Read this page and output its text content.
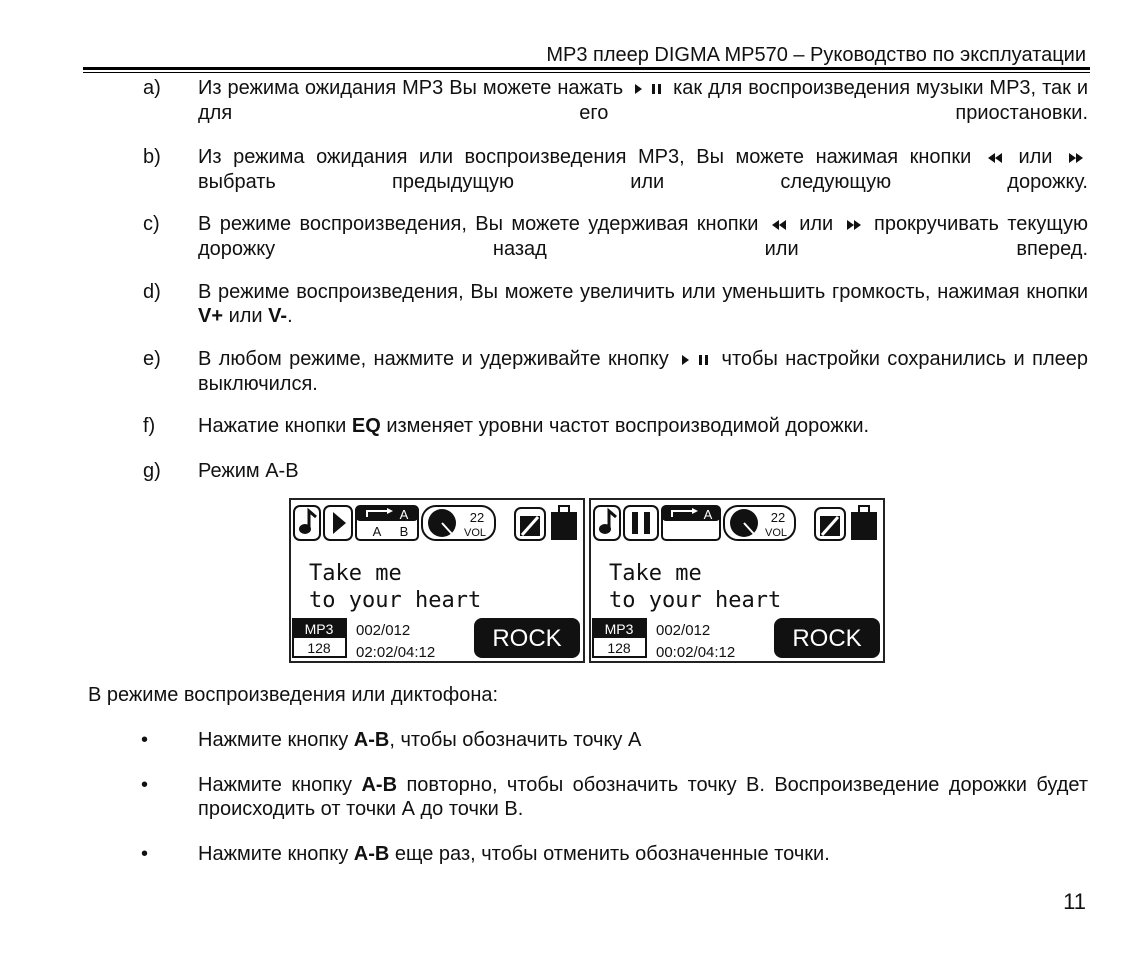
MP3 плеер DIGMA MP570 – Руководство по эксплуатации
a) Из режима ожидания MP3 Вы можете нажать как для воспроизведения музыки MP3, так и для его приостановки.
b) Из режима ожидания или воспроизведения MP3, Вы можете нажимая кнопки или  выбрать предыдущую или следующую дорожку.
c) В режиме воспроизведения, Вы можете удерживая кнопки или прокручивать текущую дорожку назад или вперед.
d) В режиме воспроизведения, Вы можете увеличить или уменьшить громкость, нажимая кнопки V+ или V-.
e) В любом режиме, нажмите и удерживайте кнопку	чтобы настройки сохранились и плеер выключился.
f) Нажатие кнопки EQ изменяет уровни частот воспроизводимой дорожки.
g) Режим A-B
A
A B
22
VOL
Take me
to your heart
MP3
128
002/012
02:02/04:12
ROCK
A	22
VOL
Take me
to your heart
MP3
128
002/012
00:02/04:12
ROCK
В режиме воспроизведения или диктофона:
• Нажмите кнопку A-B, чтобы обозначить точку А
• Нажмите кнопку A-B повторно, чтобы обозначить точку B. Воспроизведение дорожки будет происходить от точки А до точки B.
• Нажмите кнопку A-B еще раз, чтобы отменить обозначенные точки.
11
